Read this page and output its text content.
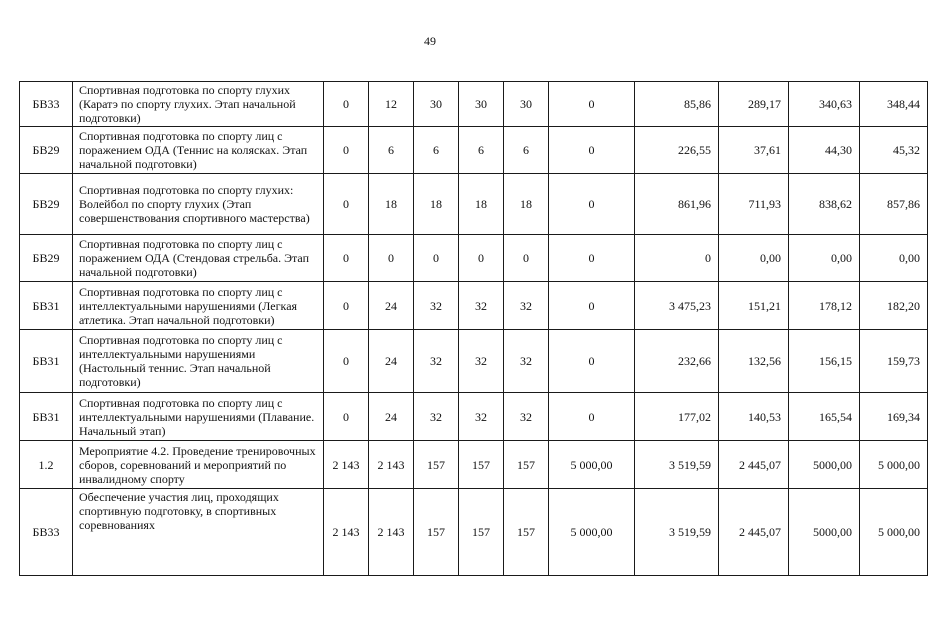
49
БВ33	Спортивная подготовка по спорту глухих (Каратэ по спорту глухих. Этап начальной подготовки)	0	12	30	30	30	0	85,86	289,17	340,63	348,44
БВ29	Спортивная подготовка по спорту лиц с поражением ОДА (Теннис на колясках. Этап начальной подготовки)	0	6	6	6	6	0	226,55	37,61	44,30	45,32
БВ29	Спортивная подготовка по спорту глухих: Волейбол по спорту глухих (Этап совершенствования спортивного мастерства)	0	18	18	18	18	0	861,96	711,93	838,62	857,86
БВ29	Спортивная подготовка по спорту лиц с поражением ОДА (Стендовая стрельба. Этап начальной подготовки)	0	0	0	0	0	0	0	0,00	0,00	0,00
БВ31	Спортивная подготовка по спорту лиц с интеллектуальными нарушениями (Легкая атлетика. Этап начальной подготовки)	0	24	32	32	32	0	3 475,23	151,21	178,12	182,20
БВ31	Спортивная подготовка по спорту лиц с интеллектуальными нарушениями (Настольный теннис. Этап начальной подготовки)	0	24	32	32	32	0	232,66	132,56	156,15	159,73
БВ31	Спортивная подготовка по спорту лиц с интеллектуальными нарушениями (Плавание. Начальный этап)	0	24	32	32	32	0	177,02	140,53	165,54	169,34
1.2	Мероприятие 4.2. Проведение тренировочных сборов, соревнований и мероприятий по инвалидному спорту	2 143	2 143	157	157	157	5 000,00	3 519,59	2 445,07	5000,00	5 000,00
БВ33	Обеспечение участия лиц, проходящих спортивную подготовку, в спортивных соревнованиях	2 143	2 143	157	157	157	5 000,00	3 519,59	2 445,07	5000,00	5 000,00
